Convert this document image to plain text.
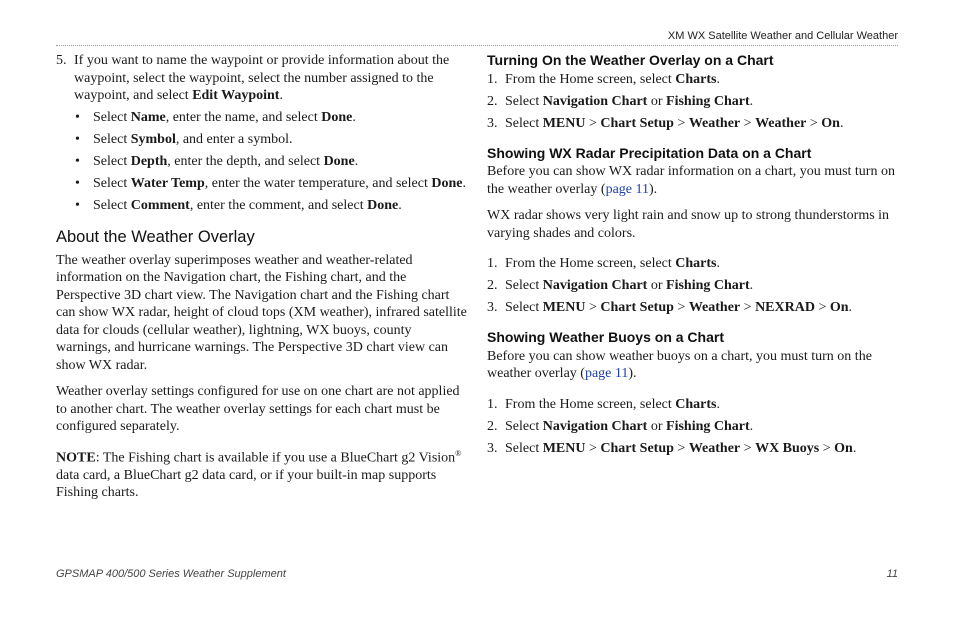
XM WX Satellite Weather and Cellular Weather
5. If you want to name the waypoint or provide information about the waypoint, select the waypoint, select the number assigned to the waypoint, and select Edit Waypoint.
• Select Name, enter the name, and select Done.
• Select Symbol, and enter a symbol.
• Select Depth, enter the depth, and select Done.
• Select Water Temp, enter the water temperature, and select Done.
• Select Comment, enter the comment, and select Done.
About the Weather Overlay

The weather overlay superimposes weather and weather-related information on the Navigation chart, the Fishing chart, and the Perspective 3D chart view. The Navigation chart and the Fishing chart can show WX radar, height of cloud tops (XM weather), infrared satellite data for clouds (cellular weather), lightning, WX buoys, county warnings, and hurricane warnings. The Perspective 3D chart view can show WX radar.

Weather overlay settings configured for use on one chart are not applied to another chart. The weather overlay settings for each chart must be configured separately.

NOTE: The Fishing chart is available if you use a BlueChart g2 Vision® data card, a BlueChart g2 data card, or if your built-in map supports Fishing charts.

Turning On the Weather Overlay on a Chart
1. From the Home screen, select Charts.
2. Select Navigation Chart or Fishing Chart.
3. Select MENU > Chart Setup > Weather > Weather > On.
Showing WX Radar Precipitation Data on a Chart

Before you can show WX radar information on a chart, you must turn on the weather overlay (page 11).

WX radar shows very light rain and snow up to strong thunderstorms in varying shades and colors.

1. From the Home screen, select Charts.
2. Select Navigation Chart or Fishing Chart.
3. Select MENU > Chart Setup > Weather > NEXRAD > On.
Showing Weather Buoys on a Chart

Before you can show weather buoys on a chart, you must turn on the weather overlay (page 11).

1. From the Home screen, select Charts.
2. Select Navigation Chart or Fishing Chart.
3. Select MENU > Chart Setup > Weather > WX Buoys > On.
GPSMAP 400/500 Series Weather Supplement	11
